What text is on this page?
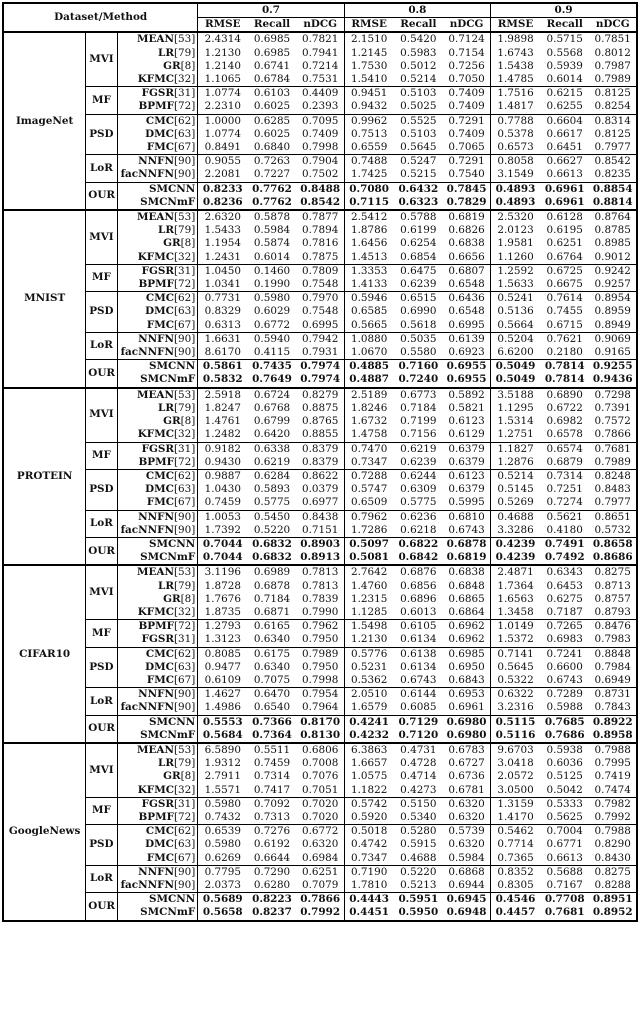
Dataset/Method			0.7			0.8			0.9		
			RMSE	Recall	nDCG	RMSE	Recall	nDCG	RMSE	Recall	nDCG
ImageNet	MVI	MEAN[53]	2.4314	0.6985	0.7821	2.1510	0.5420	0.7124	1.9898	0.5715	0.7851
		LR[79]	1.2130	0.6985	0.7941	1.2145	0.5983	0.7154	1.6743	0.5568	0.8012
		GR[8]	1.2140	0.6741	0.7214	1.7530	0.5012	0.7256	1.5438	0.5939	0.7987
		KFMC[32]	1.1065	0.6784	0.7531	1.5410	0.5214	0.7050	1.4785	0.6014	0.7989
	MF	FGSR[31]	1.0774	0.6103	0.4409	0.9451	0.5103	0.7409	1.7516	0.6215	0.8125
		BPMF[72]	2.2310	0.6025	0.2393	0.9432	0.5025	0.7409	1.4817	0.6255	0.8254
	PSD	CMC[62]	1.0000	0.6285	0.7095	0.9962	0.5525	0.7291	0.7788	0.6604	0.8314
		DMC[63]	1.0774	0.6025	0.7409	0.7513	0.5103	0.7409	0.5378	0.6617	0.8125
		FMC[67]	0.8491	0.6840	0.7998	0.6559	0.5645	0.7065	0.6573	0.6451	0.7977
	LoR	NNFN[90]	0.9055	0.7263	0.7904	0.7488	0.5247	0.7291	0.8058	0.6627	0.8542
		facNNFN[90]	2.2081	0.7227	0.7502	1.7425	0.5215	0.7540	3.1549	0.6613	0.8235
	OUR	SMCNN	0.8233	0.7762	0.8488	0.7080	0.6432	0.7845	0.4893	0.6961	0.8854
		SMCNmF	0.8236	0.7762	0.8542	0.7115	0.6323	0.7829	0.4893	0.6961	0.8814
MNIST	MVI	MEAN[53]	2.6320	0.5878	0.7877	2.5412	0.5788	0.6819	2.5320	0.6128	0.8764
		LR[79]	1.5433	0.5984	0.7894	1.8786	0.6199	0.6826	2.0123	0.6195	0.8785
		GR[8]	1.1954	0.5874	0.7816	1.6456	0.6254	0.6838	1.9581	0.6251	0.8985
		KFMC[32]	1.2431	0.6014	0.7875	1.4513	0.6854	0.6656	1.1260	0.6764	0.9012
	MF	FGSR[31]	1.0450	0.1460	0.7809	1.3353	0.6475	0.6807	1.2592	0.6725	0.9242
		BPMF[72]	1.0341	0.1990	0.7548	1.4133	0.6239	0.6548	1.5633	0.6675	0.9257
	PSD	CMC[62]	0.7731	0.5980	0.7970	0.5946	0.6515	0.6436	0.5241	0.7614	0.8954
		DMC[63]	0.8329	0.6029	0.7548	0.6585	0.6990	0.6548	0.5136	0.7455	0.8959
		FMC[67]	0.6313	0.6772	0.6995	0.5665	0.5618	0.6995	0.5664	0.6715	0.8949
	LoR	NNFN[90]	1.6631	0.5940	0.7942	1.0880	0.5035	0.6139	0.5204	0.7621	0.9069
		facNNFN[90]	8.6170	0.4115	0.7931	1.0670	0.5580	0.6923	6.6200	0.2180	0.9165
	OUR	SMCNN	0.5861	0.7435	0.7974	0.4885	0.7160	0.6955	0.5049	0.7814	0.9255
		SMCNmF	0.5832	0.7649	0.7974	0.4887	0.7240	0.6955	0.5049	0.7814	0.9436
PROTEIN	MVI	MEAN[53]	2.5918	0.6724	0.8279	2.5189	0.6773	0.5892	3.5188	0.6890	0.7298
		LR[79]	1.8247	0.6768	0.8875	1.8246	0.7184	0.5821	1.1295	0.6722	0.7391
		GR[8]	1.4761	0.6799	0.8765	1.6732	0.7199	0.6123	1.5314	0.6982	0.7572
		KFMC[32]	1.2482	0.6420	0.8855	1.4758	0.7156	0.6129	1.2751	0.6578	0.7866
	MF	FGSR[31]	0.9182	0.6338	0.8379	0.7470	0.6219	0.6379	1.1827	0.6574	0.7681
		BPMF[72]	0.9430	0.6219	0.8379	0.7347	0.6239	0.6379	1.2876	0.6879	0.7989
	PSD	CMC[62]	0.9887	0.6284	0.8622	0.7288	0.6244	0.6123	0.5214	0.7314	0.8248
		DMC[63]	1.0430	0.5893	0.0379	0.5747	0.6309	0.6379	0.5145	0.7251	0.8483
		FMC[67]	0.7459	0.5775	0.6977	0.6509	0.5775	0.5995	0.5269	0.7274	0.7977
	LoR	NNFN[90]	1.0053	0.5450	0.8438	0.7962	0.6236	0.6810	0.4688	0.5621	0.8651
		facNNFN[90]	1.7392	0.5220	0.7151	1.7286	0.6218	0.6743	3.3286	0.4180	0.5732
	OUR	SMCNN	0.7044	0.6832	0.8903	0.5097	0.6822	0.6878	0.4239	0.7491	0.8658
		SMCNmF	0.7044	0.6832	0.8913	0.5081	0.6842	0.6819	0.4239	0.7492	0.8686
CIFAR10	MVI	MEAN[53]	3.1196	0.6989	0.7813	2.7642	0.6876	0.6838	2.4871	0.6343	0.8275
		LR[79]	1.8728	0.6878	0.7813	1.4760	0.6856	0.6848	1.7364	0.6453	0.8713
		GR[8]	1.7676	0.7184	0.7839	1.2315	0.6896	0.6865	1.6563	0.6275	0.8757
		KFMC[32]	1.8735	0.6871	0.7990	1.1285	0.6013	0.6864	1.3458	0.7187	0.8793
	MF	BPMF[72]	1.2793	0.6165	0.7962	1.5498	0.6105	0.6962	1.0149	0.7265	0.8476
		FGSR[31]	1.3123	0.6340	0.7950	1.2130	0.6134	0.6962	1.5372	0.6983	0.7983
	PSD	CMC[62]	0.8085	0.6175	0.7989	0.5776	0.6138	0.6985	0.7141	0.7241	0.8848
		DMC[63]	0.9477	0.6340	0.7950	0.5231	0.6134	0.6950	0.5645	0.6600	0.7984
		FMC[67]	0.6109	0.7075	0.7998	0.5362	0.6743	0.6843	0.5322	0.6743	0.6949
	LoR	NNFN[90]	1.4627	0.6470	0.7954	2.0510	0.6144	0.6953	0.6322	0.7289	0.8731
		facNNFN[90]	1.4986	0.6540	0.7964	1.6579	0.6085	0.6961	3.2316	0.5988	0.7843
	OUR	SMCNN	0.5553	0.7366	0.8170	0.4241	0.7129	0.6980	0.5115	0.7685	0.8922
		SMCNmF	0.5684	0.7364	0.8130	0.4232	0.7120	0.6980	0.5116	0.7686	0.8958
GoogleNews	MVI	MEAN[53]	6.5890	0.5511	0.6806	6.3863	0.4731	0.6783	9.6703	0.5938	0.7988
		LR[79]	1.9312	0.7459	0.7008	1.6657	0.4728	0.6727	3.0418	0.6036	0.7995
		GR[8]	2.7911	0.7314	0.7076	1.0575	0.4714	0.6736	2.0572	0.5125	0.7419
		KFMC[32]	1.5571	0.7417	0.7051	1.1822	0.4273	0.6781	3.0500	0.5042	0.7474
	MF	FGSR[31]	0.5980	0.7092	0.7020	0.5742	0.5150	0.6320	1.3159	0.5333	0.7982
		BPMF[72]	0.7432	0.7313	0.7020	0.5920	0.5340	0.6320	1.4170	0.5625	0.7992
	PSD	CMC[62]	0.6539	0.7276	0.6772	0.5018	0.5280	0.5739	0.5462	0.7004	0.7988
		DMC[63]	0.5980	0.6192	0.6320	0.4742	0.5915	0.6320	0.7714	0.6771	0.8290
		FMC[67]	0.6269	0.6644	0.6984	0.7347	0.4688	0.5984	0.7365	0.6613	0.8430
	LoR	NNFN[90]	0.7795	0.7290	0.6251	0.7190	0.5220	0.6868	0.8352	0.5688	0.8275
		facNNFN[90]	2.0373	0.6280	0.7079	1.7810	0.5213	0.6944	0.8305	0.7167	0.8288
	OUR	SMCNN	0.5689	0.8223	0.7866	0.4443	0.5951	0.6945	0.4546	0.7708	0.8951
		SMCNmF	0.5658	0.8237	0.7992	0.4451	0.5950	0.6948	0.4457	0.7681	0.8952
